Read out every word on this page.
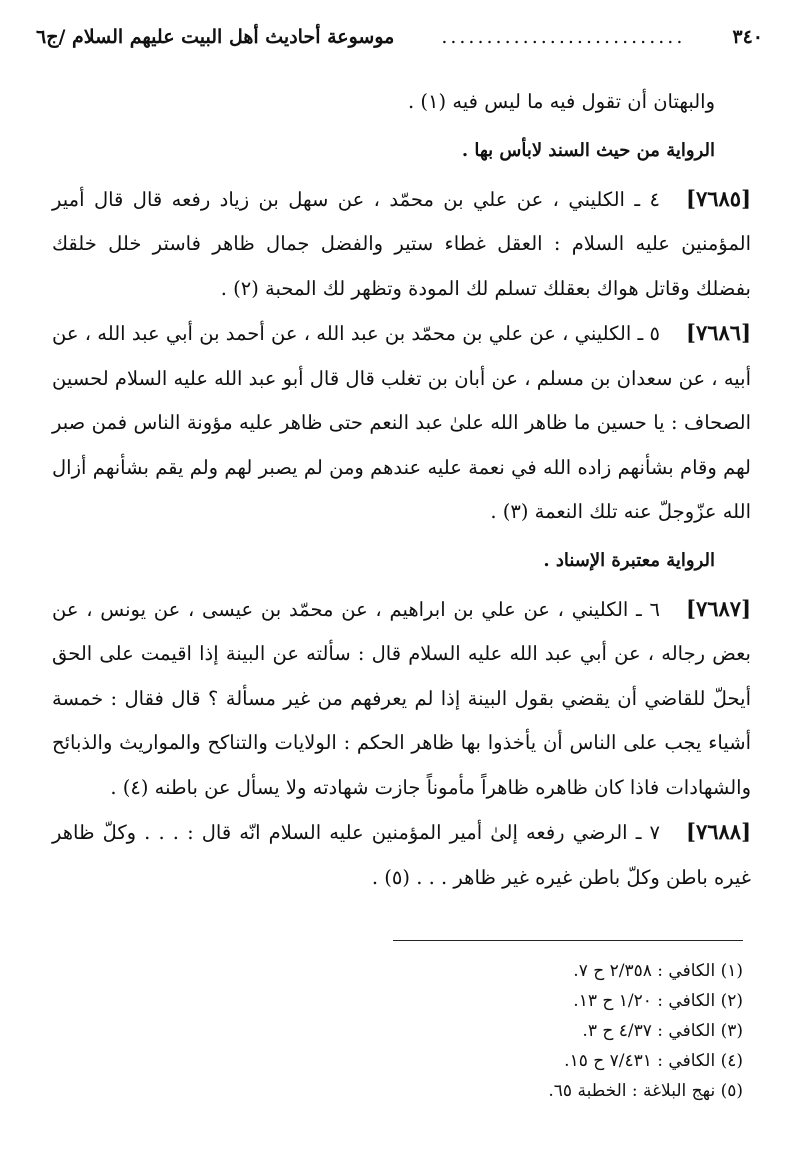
٣٤٠
...........................
موسوعة أحاديث أهل البيت عليهم السلام /ج٦

والبهتان أن تقول فيه ما ليس فيه (١) .

الرواية من حيث السند لابأس بها .

[٧٦٨٥]٤ ـ الكليني ، عن علي بن محمّد ، عن سهل بن زياد رفعه قال قال أمير المؤمنين عليه السلام : العقل غطاء ستير والفضل جمال ظاهر فاستر خلل خلقك بفضلك وقاتل هواك بعقلك تسلم لك المودة وتظهر لك المحبة (٢) .

[٧٦٨٦]٥ ـ الكليني ، عن علي بن محمّد بن عبد الله ، عن أحمد بن أبي عبد الله ، عن أبيه ، عن سعدان بن مسلم ، عن أبان بن تغلب قال قال أبو عبد الله عليه السلام لحسين الصحاف : يا حسين ما ظاهر الله علىٰ عبد النعم حتى ظاهر عليه مؤونة الناس فمن صبر لهم وقام بشأنهم زاده الله في نعمة عليه عندهم ومن لم يصبر لهم ولم يقم بشأنهم أزال الله عزّوجلّ عنه تلك النعمة (٣) .

الرواية معتبرة الإسناد .

[٧٦٨٧]٦ ـ الكليني ، عن علي بن ابراهيم ، عن محمّد بن عيسى ، عن يونس ، عن بعض رجاله ، عن أبي عبد الله عليه السلام قال : سألته عن البينة إذا اقيمت على الحق أيحلّ للقاضي أن يقضي بقول البينة إذا لم يعرفهم من غير مسألة ؟ قال فقال : خمسة أشياء يجب على الناس أن يأخذوا بها ظاهر الحكم : الولايات والتناكح والمواريث والذبائح والشهادات فاذا كان ظاهره ظاهراً مأموناً جازت شهادته ولا يسأل عن باطنه (٤) .

[٧٦٨٨]٧ ـ الرضي رفعه إلىٰ أمير المؤمنين عليه السلام انّه قال : . . . وكلّ ظاهر غيره باطن وكلّ باطن غيره غير ظاهر . . . (٥) .

(١) الكافي : ٢/٣٥٨ ح ٧.
(٢) الكافي : ١/٢٠ ح ١٣.
(٣) الكافي : ٤/٣٧ ح ٣.
(٤) الكافي : ٧/٤٣١ ح ١٥.
(٥) نهج البلاغة : الخطبة ٦٥.
